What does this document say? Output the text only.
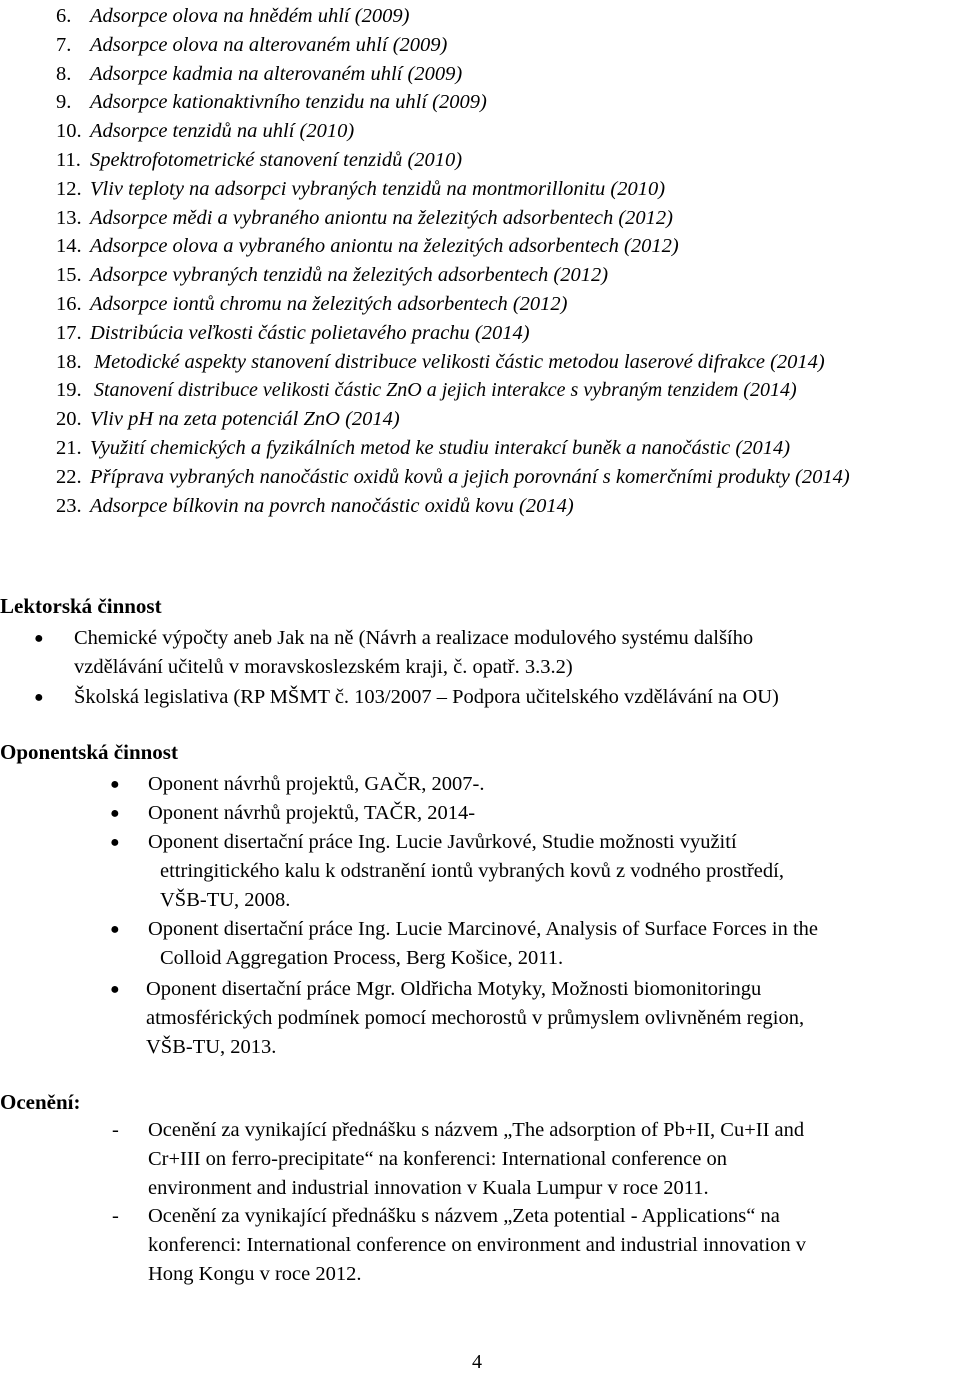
6. Adsorpce olova na hnědém uhlí (2009)
7. Adsorpce olova na alterovaném uhlí (2009)
8. Adsorpce kadmia na alterovaném uhlí (2009)
9. Adsorpce kationaktivního tenzidu na uhlí (2009)
10. Adsorpce tenzidů na uhlí (2010)
11. Spektrofotometrické stanovení tenzidů (2010)
12. Vliv teploty na adsorpci vybraných tenzidů na montmorillonitu (2010)
13. Adsorpce mědi a vybraného aniontu na železitých adsorbentech (2012)
14. Adsorpce olova a vybraného aniontu na železitých adsorbentech (2012)
15. Adsorpce vybraných tenzidů na železitých adsorbentech (2012)
16. Adsorpce iontů chromu na železitých adsorbentech (2012)
17. Distribúcia veľkosti částic polietavého prachu (2014)
18. Metodické aspekty stanovení distribuce velikosti částic metodou laserové difrakce (2014)
19. Stanovení distribuce velikosti částic ZnO a jejich interakce s vybraným tenzidem (2014)
20. Vliv pH na zeta potenciál ZnO (2014)
21. Využití chemických a fyzikálních metod ke studiu interakcí buněk a nanočástic (2014)
22. Příprava vybraných nanočástic oxidů kovů a jejich porovnání s komerčními produkty (2014)
23. Adsorpce bílkovin na povrch nanočástic oxidů kovu (2014)
Lektorská činnost
● Chemické výpočty aneb Jak na ně (Návrh a realizace modulového systému dalšího
vzdělávání učitelů v moravskoslezském kraji, č. opatř. 3.3.2)
● Školská legislativa (RP MŠMT č. 103/2007 – Podpora učitelského vzdělávání na OU)
Oponentská činnost
● Oponent návrhů projektů, GAČR, 2007-.
● Oponent návrhů projektů, TAČR, 2014-
● Oponent disertační práce Ing. Lucie Javůrkové, Studie možnosti využití
ettringitického kalu k odstranění iontů vybraných kovů z vodného prostředí,
VŠB-TU, 2008.
● Oponent disertační práce Ing. Lucie Marcinové, Analysis of Surface Forces in the
Colloid Aggregation Process, Berg Košice, 2011.
● Oponent disertační práce Mgr. Oldřicha Motyky, Možnosti biomonitoringu
atmosférických podmínek pomocí mechorostů v průmyslem ovlivněném region,
VŠB-TU, 2013.
Ocenění:
- Ocenění za vynikající přednášku s názvem „The adsorption of Pb+II, Cu+II and
Cr+III on ferro-precipitate“ na konferenci: International conference on
environment and industrial innovation v Kuala Lumpur v roce 2011.
- Ocenění za vynikající přednášku s názvem „Zeta potential - Applications“ na
konferenci: International conference on environment and industrial innovation v
Hong Kongu v roce 2012.
4
